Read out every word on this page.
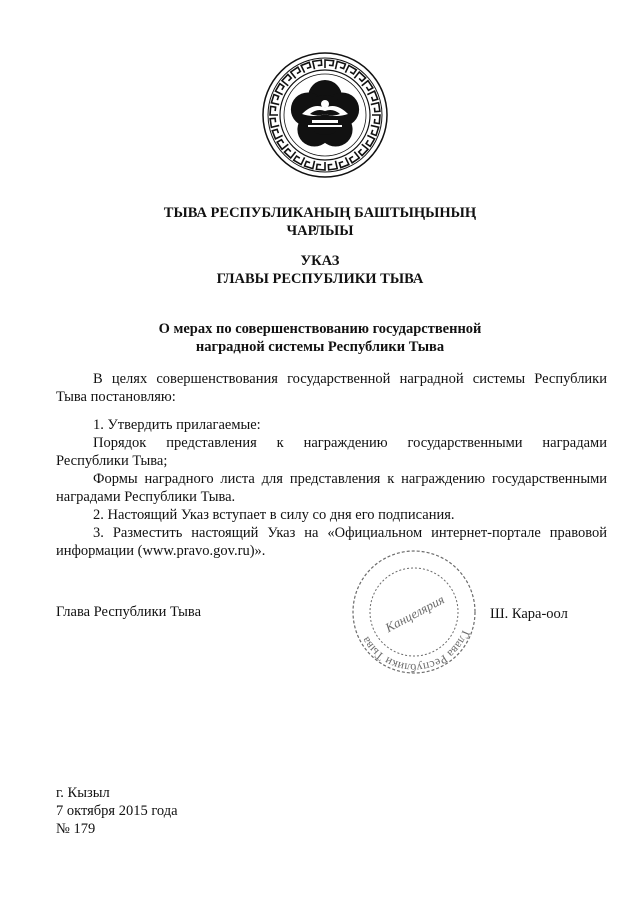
ТЫВА РЕСПУБЛИКАНЫҢ БАШТЫҢЫНЫҢ

ЧАРЛЫЫ

УКАЗ

ГЛАВЫ РЕСПУБЛИКИ ТЫВА

О мерах по совершенствованию государственной

наградной системы Республики Тыва

В целях совершенствования государственной наградной системы Республики

Тыва постановляю:

1. Утвердить прилагаемые:

Порядок представления к награждению государственными наградами

Республики Тыва;

Формы наградного листа для представления к награждению государственными

наградами Республики Тыва.

2. Настоящий Указ вступает в силу со дня его подписания.

3. Разместить настоящий Указ на «Официальном интернет-портале правовой

информации (www.pravo.gov.ru)».

Глава Республики Тыва
Канцелярия

Глава Республики Тыва	Ш. Кара-оол

г. Кызыл

7 октября 2015 года

№ 179
